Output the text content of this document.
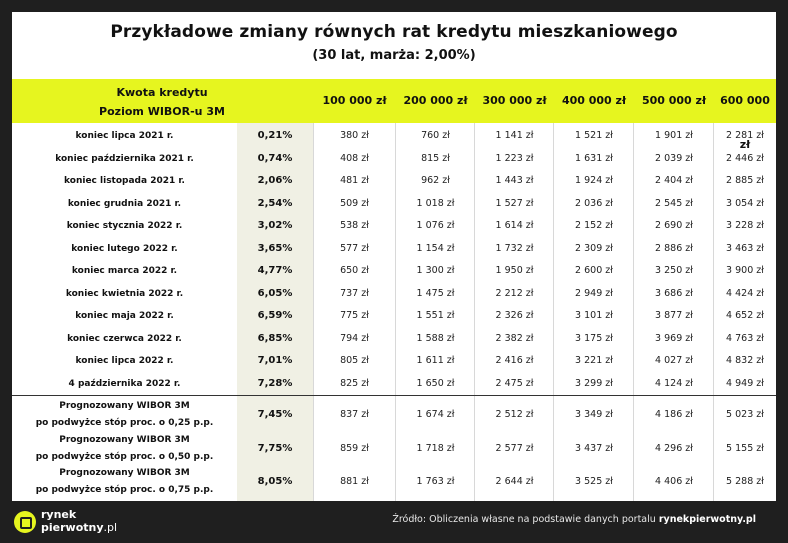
Przykładowe zmiany równych rat kredytu mieszkaniowego
(30 lat, marża: 2,00%)
Kwota kredytu
Poziom WIBOR-u 3M
100 000 zł	200 000 zł	300 000 zł	400 000 zł	500 000 zł	600 000 zł
koniec lipca 2021 r.	0,21%	380 zł	760 zł	1 141 zł	1 521 zł	1 901 zł	2 281 zł
koniec października 2021 r.	0,74%	408 zł	815 zł	1 223 zł	1 631 zł	2 039 zł	2 446 zł
koniec listopada 2021 r.	2,06%	481 zł	962 zł	1 443 zł	1 924 zł	2 404 zł	2 885 zł
koniec grudnia 2021 r.	2,54%	509 zł	1 018 zł	1 527 zł	2 036 zł	2 545 zł	3 054 zł
koniec stycznia 2022 r.	3,02%	538 zł	1 076 zł	1 614 zł	2 152 zł	2 690 zł	3 228 zł
koniec lutego 2022 r.	3,65%	577 zł	1 154 zł	1 732 zł	2 309 zł	2 886 zł	3 463 zł
koniec marca 2022 r.	4,77%	650 zł	1 300 zł	1 950 zł	2 600 zł	3 250 zł	3 900 zł
koniec kwietnia 2022 r.	6,05%	737 zł	1 475 zł	2 212 zł	2 949 zł	3 686 zł	4 424 zł
koniec maja 2022 r.	6,59%	775 zł	1 551 zł	2 326 zł	3 101 zł	3 877 zł	4 652 zł
koniec czerwca 2022 r.	6,85%	794 zł	1 588 zł	2 382 zł	3 175 zł	3 969 zł	4 763 zł
koniec lipca 2022 r.	7,01%	805 zł	1 611 zł	2 416 zł	3 221 zł	4 027 zł	4 832 zł
4 października 2022 r.	7,28%	825 zł	1 650 zł	2 475 zł	3 299 zł	4 124 zł	4 949 zł
Prognozowany WIBOR 3M
po podwyżce stóp proc. o 0,25 p.p.
7,45%	837 zł	1 674 zł	2 512 zł	3 349 zł	4 186 zł	5 023 zł
Prognozowany WIBOR 3M
po podwyżce stóp proc. o 0,50 p.p.
7,75%	859 zł	1 718 zł	2 577 zł	3 437 zł	4 296 zł	5 155 zł
Prognozowany WIBOR 3M
po podwyżce stóp proc. o 0,75 p.p.
8,05%	881 zł	1 763 zł	2 644 zł	3 525 zł	4 406 zł	5 288 zł
rynek
pierwotny.pl
Źródło: Obliczenia własne na podstawie danych portalu rynekpierwotny.pl
